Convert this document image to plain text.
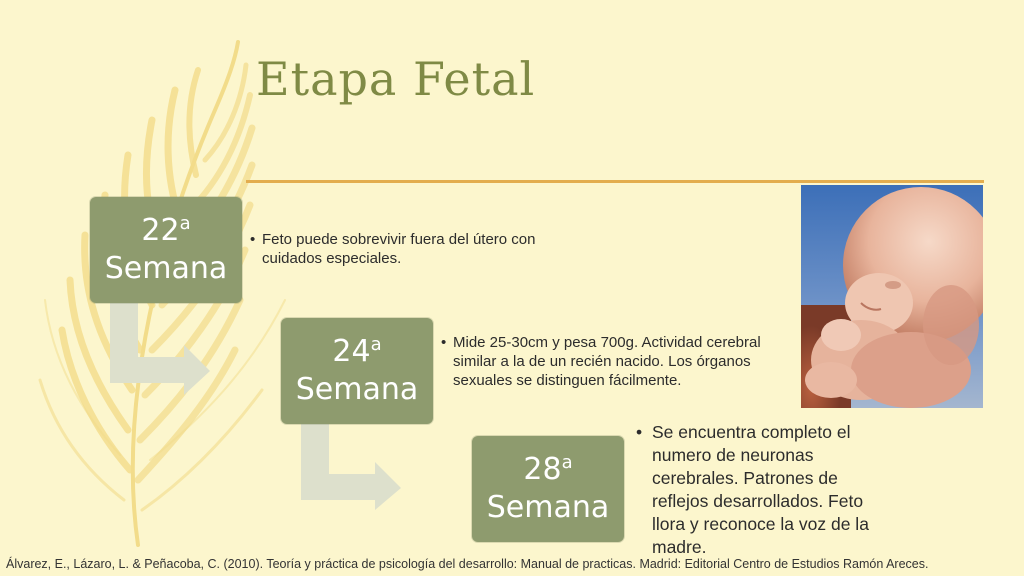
Etapa Fetal
22$^a$
Semana
24$^a$
Semana
28$^a$
Semana
• Feto puede sobrevivir fuera del útero con cuidados especiales.
• Mide 25-30cm y pesa 700g. Actividad cerebral similar a la de un recién nacido. Los órganos sexuales se distinguen fácilmente.
• Se encuentra completo el numero de neuronas cerebrales. Patrones de reflejos desarrollados. Feto llora y reconoce la voz de la madre.
Álvarez, E., Lázaro, L. & Peñacoba, C. (2010). Teoría y práctica de psicología del desarrollo: Manual de practicas. Madrid: Editorial Centro de Estudios Ramón Areces.
